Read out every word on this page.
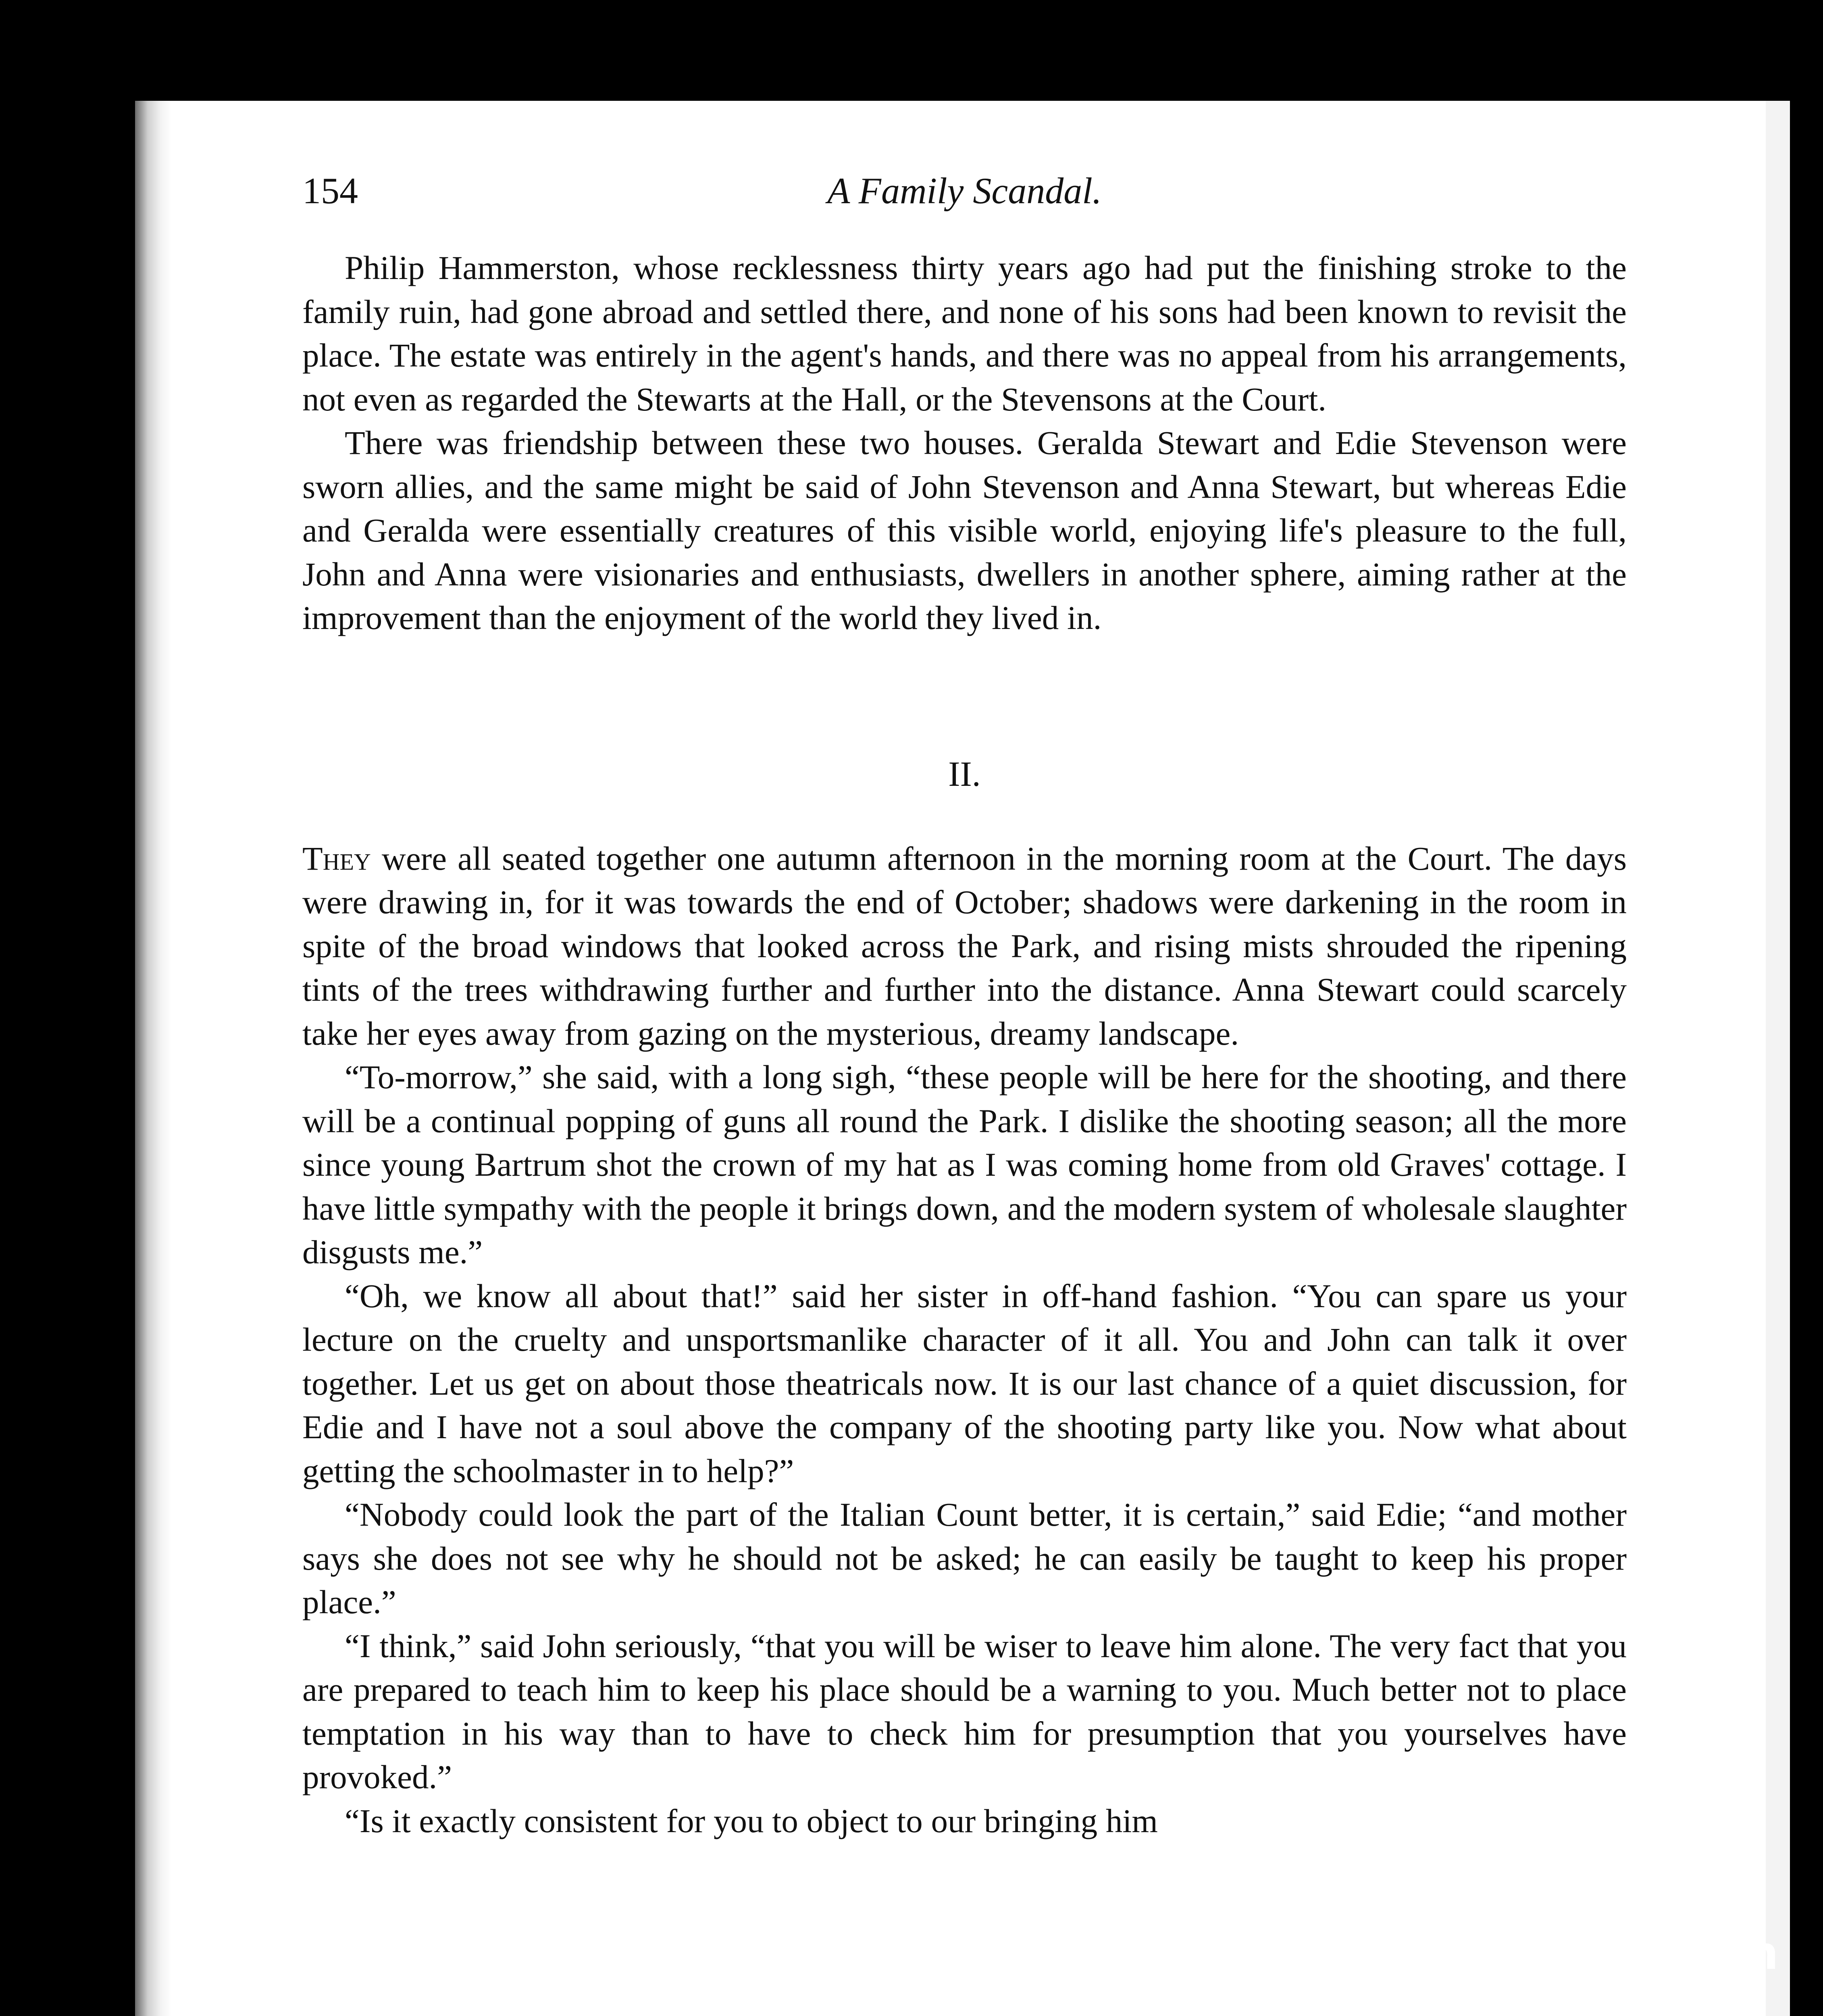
154	A Family Scandal.

Philip Hammerston, whose recklessness thirty years ago had put the finishing stroke to the family ruin, had gone abroad and settled there, and none of his sons had been known to revisit the place. The estate was entirely in the agent's hands, and there was no appeal from his arrangements, not even as regarded the Stewarts at the Hall, or the Stevensons at the Court.

There was friendship between these two houses. Geralda Stewart and Edie Stevenson were sworn allies, and the same might be said of John Stevenson and Anna Stewart, but whereas Edie and Geralda were essentially creatures of this visible world, enjoying life's pleasure to the full, John and Anna were visionaries and enthusiasts, dwellers in another sphere, aiming rather at the improvement than the enjoyment of the world they lived in.

II.

They were all seated together one autumn afternoon in the morning room at the Court. The days were drawing in, for it was towards the end of October; shadows were darkening in the room in spite of the broad windows that looked across the Park, and rising mists shrouded the ripening tints of the trees withdrawing further and further into the distance. Anna Stewart could scarcely take her eyes away from gazing on the mysterious, dreamy landscape.

“To-morrow,” she said, with a long sigh, “these people will be here for the shooting, and there will be a continual popping of guns all round the Park. I dislike the shooting season; all the more since young Bartrum shot the crown of my hat as I was coming home from old Graves' cottage. I have little sympathy with the people it brings down, and the modern system of wholesale slaughter disgusts me.”

“Oh, we know all about that!” said her sister in off-hand fashion. “You can spare us your lecture on the cruelty and unsportsmanlike character of it all. You and John can talk it over together. Let us get on about those theatricals now. It is our last chance of a quiet discussion, for Edie and I have not a soul above the company of the shooting party like you. Now what about getting the schoolmaster in to help?”

“Nobody could look the part of the Italian Count better, it is certain,” said Edie; “and mother says she does not see why he should not be asked; he can easily be taught to keep his proper place.”

“I think,” said John seriously, “that you will be wiser to leave him alone. The very fact that you are prepared to teach him to keep his place should be a warning to you. Much better not to place temptation in his way than to have to check him for presumption that you yourselves have provoked.”

“Is it exactly consistent for you to object to our bringing him

comicbooks.com
